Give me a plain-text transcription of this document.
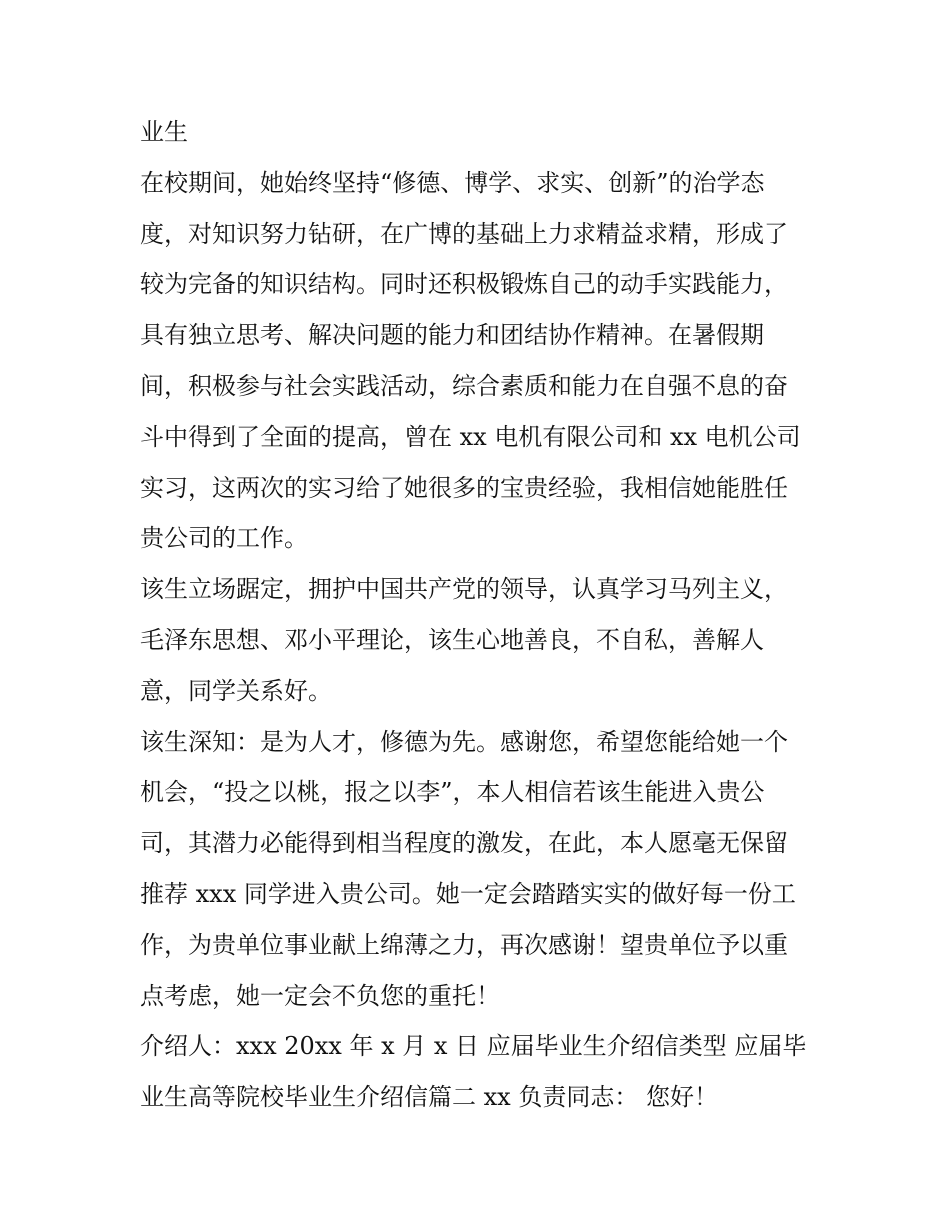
业生
在校期间，她始终坚持“修德、博学、求实、创新”的治学态
度，对知识努力钻研，在广博的基础上力求精益求精，形成了
较为完备的知识结构。同时还积极锻炼自己的动手实践能力，
具有独立思考、解决问题的能力和团结协作精神。在暑假期
间，积极参与社会实践活动，综合素质和能力在自强不息的奋
斗中得到了全面的提高，曾在 xx 电机有限公司和 xx 电机公司
实习，这两次的实习给了她很多的宝贵经验，我相信她能胜任
贵公司的工作。
该生立场踞定，拥护中国共产党的领导，认真学习马列主义，
毛泽东思想、邓小平理论，该生心地善良，不自私，善解人
意，同学关系好。
该生深知：是为人才，修德为先。感谢您，希望您能给她一个
机会，“投之以桃，报之以李”，本人相信若该生能进入贵公
司，其潜力必能得到相当程度的激发，在此，本人愿毫无保留
推荐 xxx 同学进入贵公司。她一定会踏踏实实的做好每一份工
作，为贵单位事业献上绵薄之力，再次感谢！望贵单位予以重
点考虑，她一定会不负您的重托！
介绍人：xxx 20xx 年 x 月 x 日 应届毕业生介绍信类型 应届毕
业生高等院校毕业生介绍信篇二 xx 负责同志： 您好！
